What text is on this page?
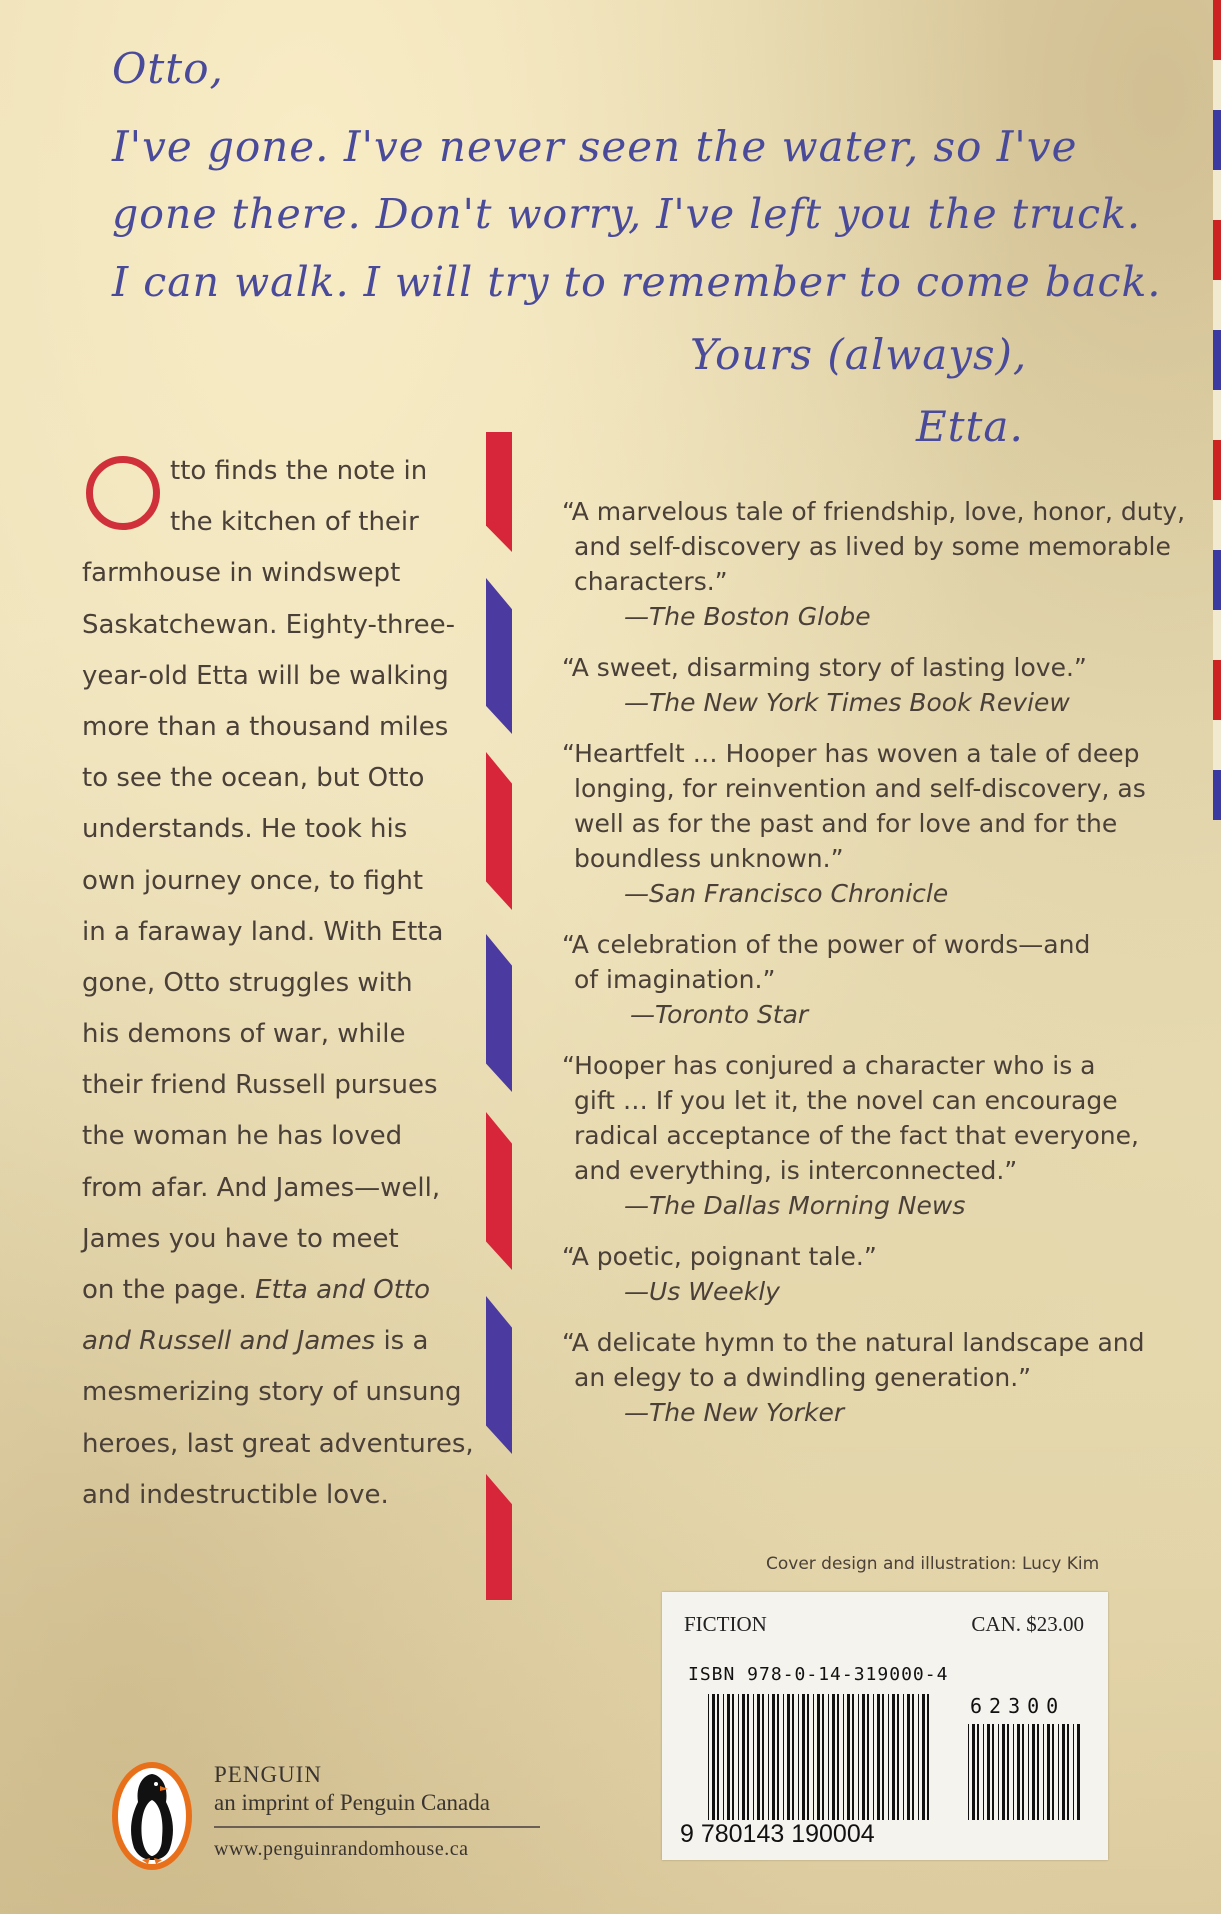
Otto,
I've gone. I've never seen the water, so I've
gone there. Don't worry, I've left you the truck.
I can walk. I will try to remember to come back.
Yours (always),
Etta.
tto finds the note in
the kitchen of their
farmhouse in windswept
Saskatchewan. Eighty-three-
year-old Etta will be walking
more than a thousand miles
to see the ocean, but Otto
understands. He took his
own journey once, to fight
in a faraway land. With Etta
gone, Otto struggles with
his demons of war, while
their friend Russell pursues
the woman he has loved
from afar. And James—well,
James you have to meet
on the page. Etta and Otto
and Russell and James is a
mesmerizing story of unsung
heroes, last great adventures,
and indestructible love.
“A marvelous tale of friendship, love, honor, duty,
and self-discovery as lived by some memorable
characters.”
—The Boston Globe
“A sweet, disarming story of lasting love.”
—The New York Times Book Review
“Heartfelt … Hooper has woven a tale of deep
longing, for reinvention and self-discovery, as
well as for the past and for love and for the
boundless unknown.”
—San Francisco Chronicle
“A celebration of the power of words—and
of imagination.”
—Toronto Star
“Hooper has conjured a character who is a
gift … If you let it, the novel can encourage
radical acceptance of the fact that everyone,
and everything, is interconnected.”
—The Dallas Morning News
“A poetic, poignant tale.”
—Us Weekly
“A delicate hymn to the natural landscape and
an elegy to a dwindling generation.”
—The New Yorker
Cover design and illustration: Lucy Kim
FICTION	CAN. $23.00
ISBN 978-0-14-319000-4
62300
9 780143 190004
PENGUIN
an imprint of Penguin Canada
www.penguinrandomhouse.ca
